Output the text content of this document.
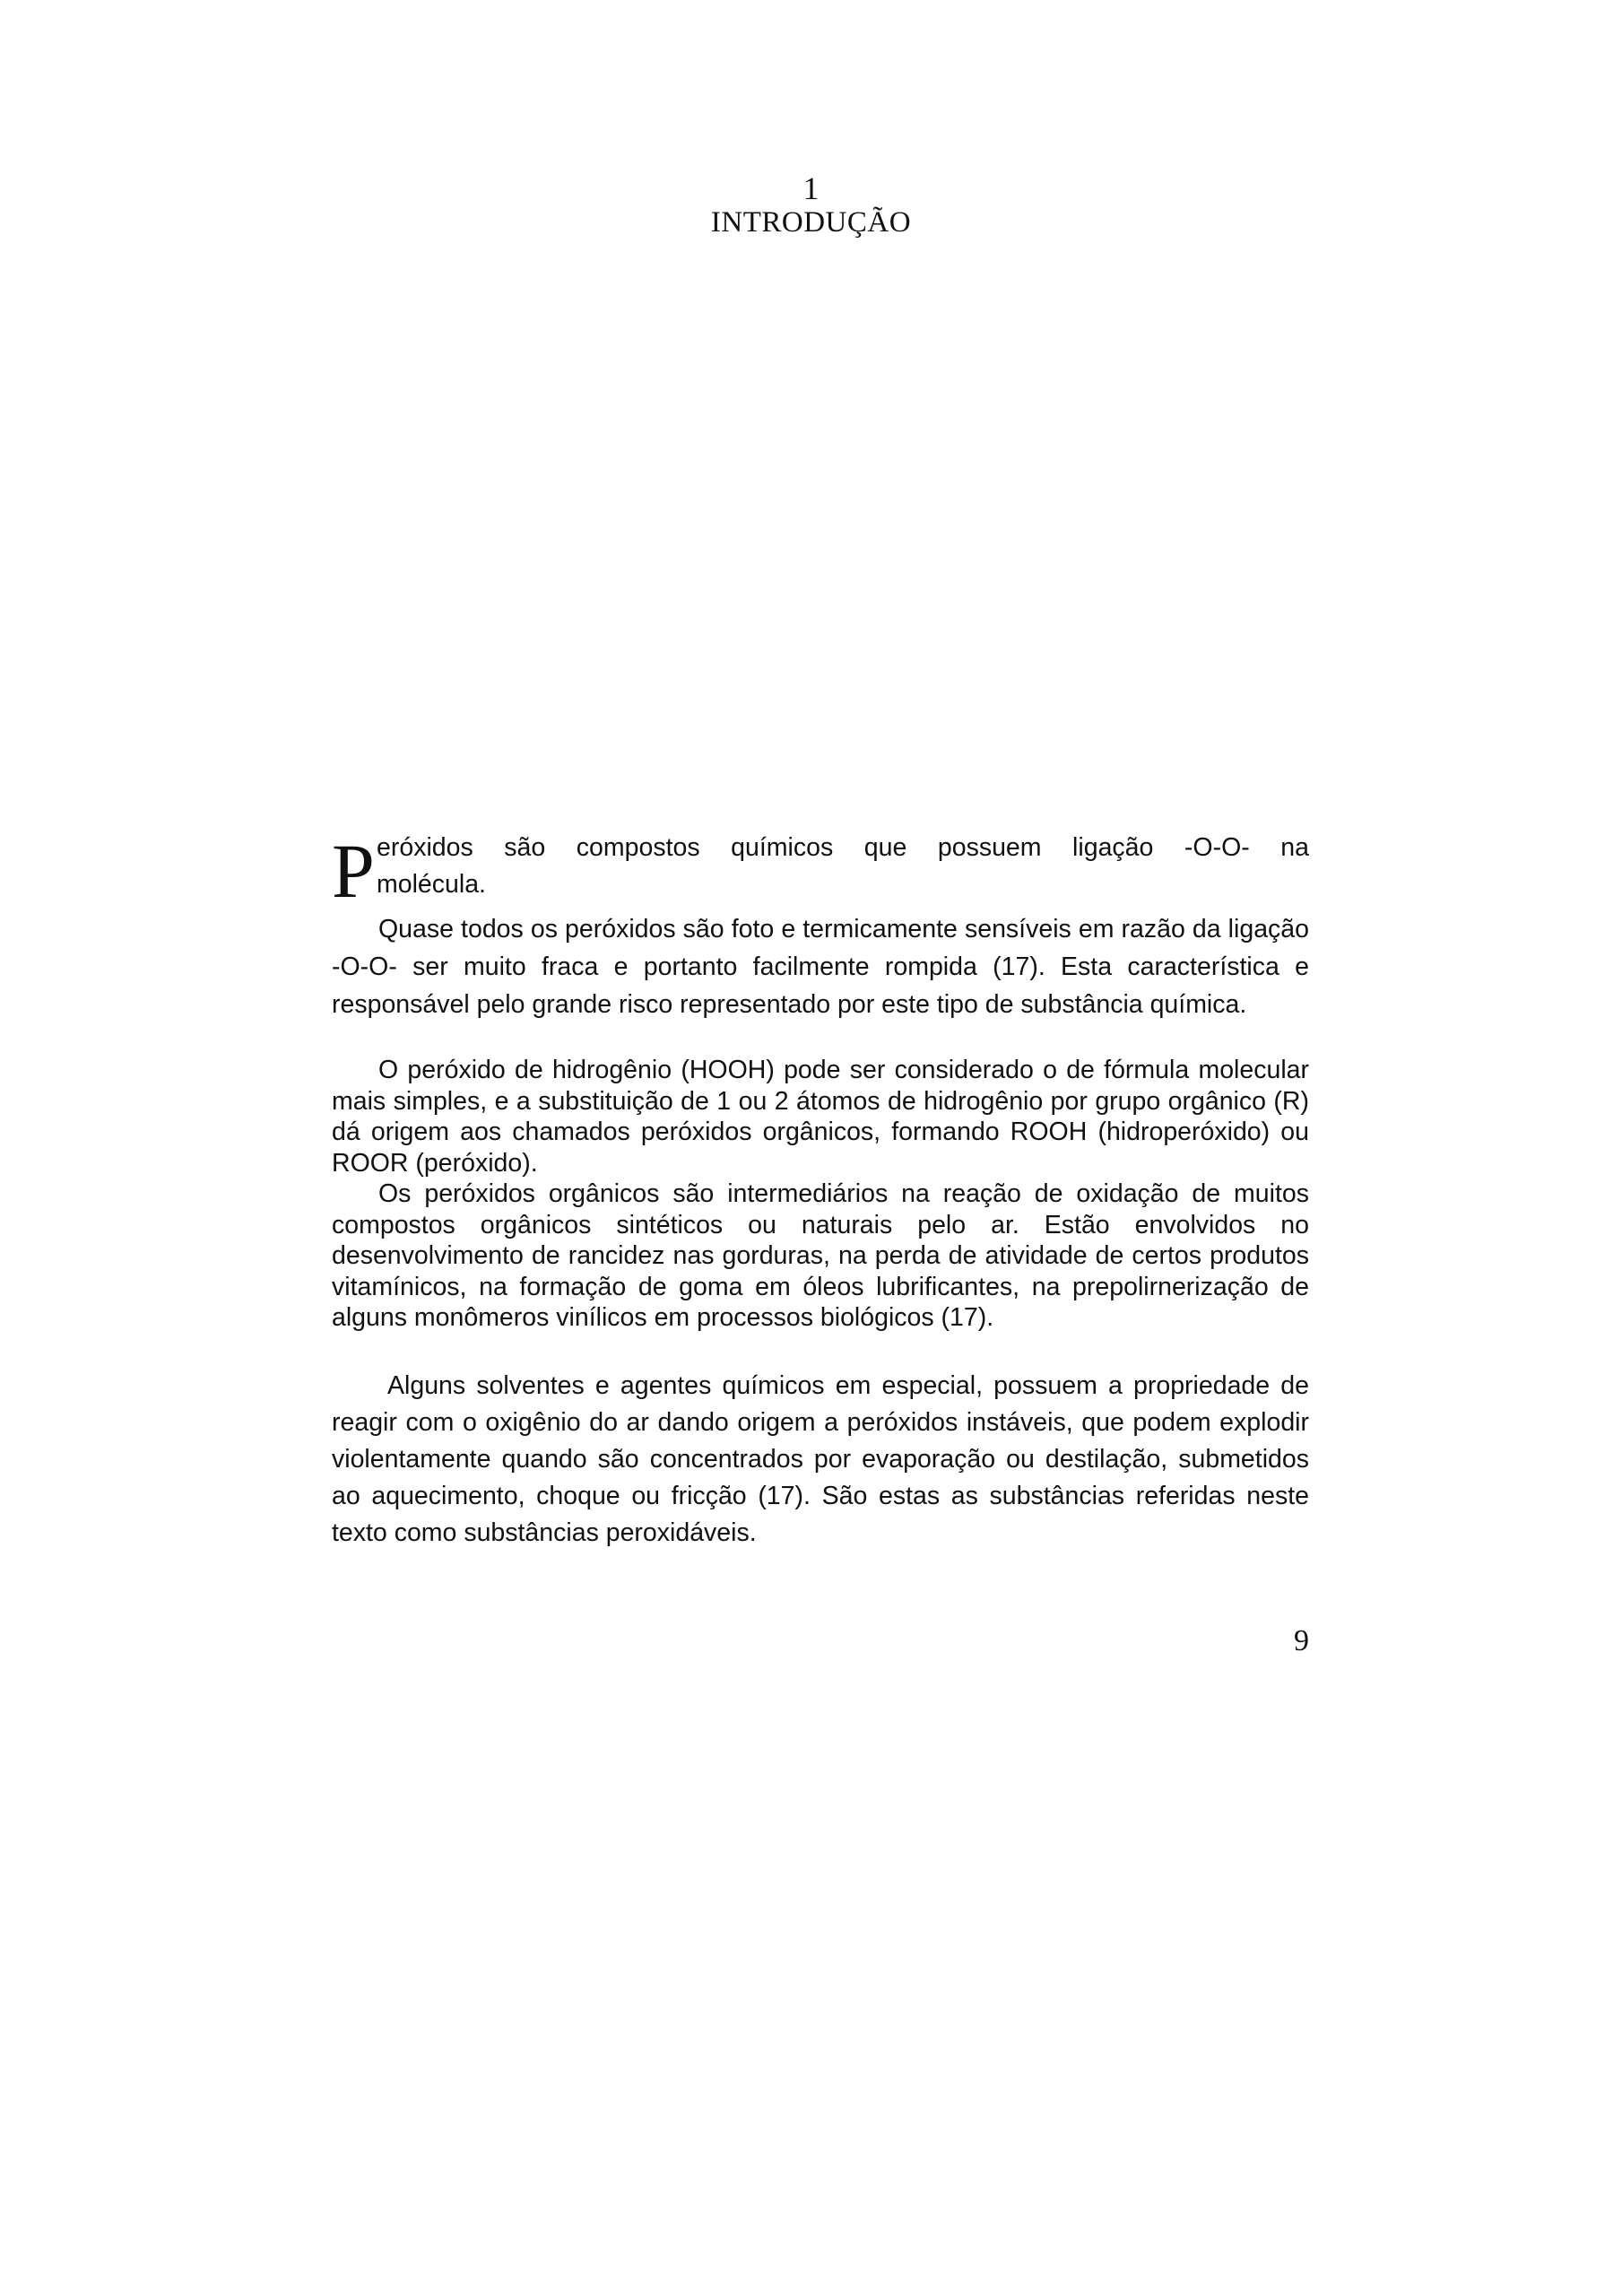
1
INTRODUÇÃO
P eróxidos são compostos químicos que possuem ligação -O-O- na
molécula.

Quase todos os peróxidos são foto e termicamente sensíveis em razão da ligação -O-O- ser muito fraca e portanto facilmente rompida (17). Esta característica e responsável pelo grande risco representado por este tipo de substância química.

O peróxido de hidrogênio (HOOH) pode ser considerado o de fórmula molecular mais simples, e a substituição de 1 ou 2 átomos de hidrogênio por grupo orgânico (R) dá origem aos chamados peróxidos orgânicos, formando ROOH (hidroperóxido) ou ROOR (peróxido).

Os peróxidos orgânicos são intermediários na reação de oxidação de muitos compostos orgânicos sintéticos ou naturais pelo ar. Estão envolvidos no desenvolvimento de rancidez nas gorduras, na perda de atividade de certos produtos vitamínicos, na formação de goma em óleos lubrificantes, na prepolirnerização de alguns monômeros vinílicos em processos biológicos (17).

Alguns solventes e agentes químicos em especial, possuem a propriedade de reagir com o oxigênio do ar dando origem a peróxidos instáveis, que podem explodir violentamente quando são concentrados por evaporação ou destilação, submetidos ao aquecimento, choque ou fricção (17). São estas as substâncias referidas neste texto como substâncias peroxidáveis.

9
